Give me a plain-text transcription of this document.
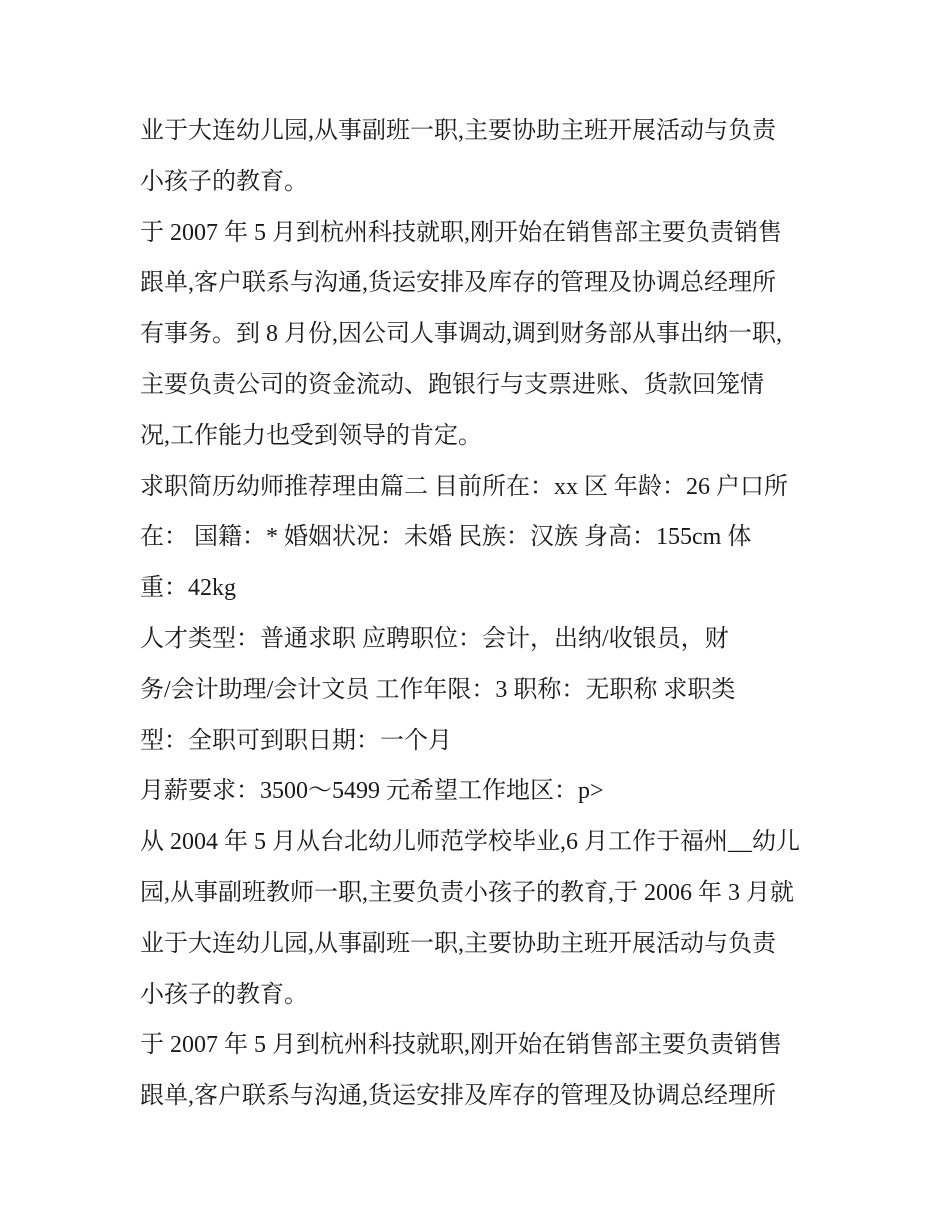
业于大连幼儿园,从事副班一职,主要协助主班开展活动与负责
小孩子的教育。
于 2007 年 5 月到杭州科技就职,刚开始在销售部主要负责销售
跟单,客户联系与沟通,货运安排及库存的管理及协调总经理所
有事务。到 8 月份,因公司人事调动,调到财务部从事出纳一职,
主要负责公司的资金流动、跑银行与支票进账、货款回笼情
况,工作能力也受到领导的肯定。
求职简历幼师推荐理由篇二 目前所在：xx 区 年龄：26 户口所
在： 国籍：* 婚姻状况：未婚 民族：汉族 身高：155cm 体
重：42kg
人才类型：普通求职 应聘职位：会计，出纳/收银员，财
务/会计助理/会计文员 工作年限：3 职称：无职称 求职类
型：全职可到职日期：一个月
月薪要求：3500～5499 元希望工作地区：p>
从 2004 年 5 月从台北幼儿师范学校毕业,6 月工作于福州__幼儿
园,从事副班教师一职,主要负责小孩子的教育,于 2006 年 3 月就
业于大连幼儿园,从事副班一职,主要协助主班开展活动与负责
小孩子的教育。
于 2007 年 5 月到杭州科技就职,刚开始在销售部主要负责销售
跟单,客户联系与沟通,货运安排及库存的管理及协调总经理所
